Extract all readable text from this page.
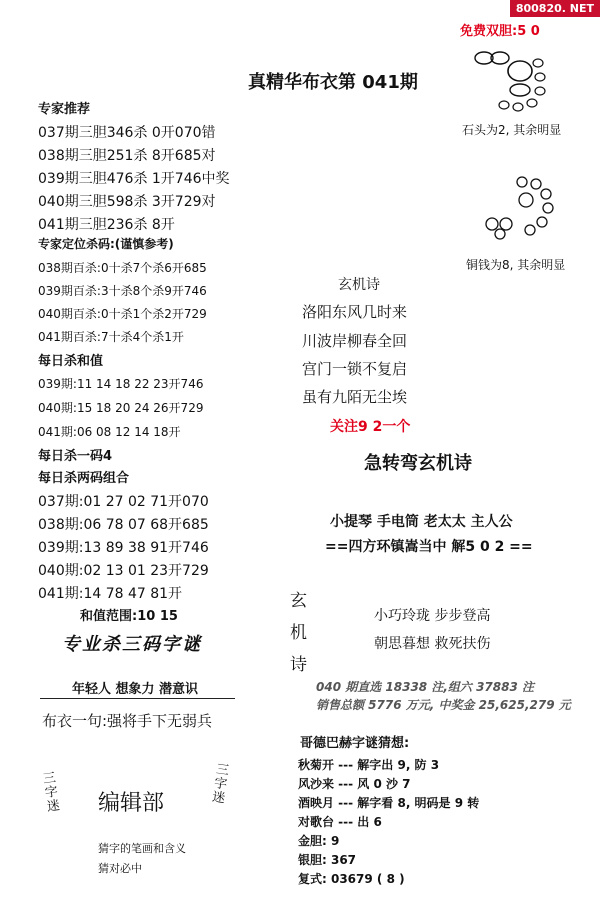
800820. NET
免费双胆:5 0
真精华布衣第 041期
专家推荐
037期三胆346杀 0开070错
038期三胆251杀 8开685对
039期三胆476杀 1开746中奖
040期三胆598杀 3开729对
041期三胆236杀 8开
专家定位杀码:(谨慎参考)
038期百杀:0十杀7个杀6开685
039期百杀:3十杀8个杀9开746
040期百杀:0十杀1个杀2开729
041期百杀:7十杀4个杀1开
每日杀和值
039期:11 14 18 22 23开746
040期:15 18 20 24 26开729
041期:06 08 12 14 18开
每日杀一码4
每日杀两码组合
037期:01 27 02 71开070
038期:06 78 07 68开685
039期:13 89 38 91开746
040期:02 13 01 23开729
041期:14 78 47 81开
和值范围:10 15
专业杀三码字谜
年轻人 想象力 潜意识
布衣一句:强将手下无弱兵
三字迷 编辑部
三字迷
猜字的笔画和含义
猜对必中
石头为2, 其余明显
铜钱为8, 其余明显
玄机诗
洛阳东风几时来
川波岸柳春全回
宫门一锁不复启
虽有九陌无尘埃
关注9 2一个
急转弯玄机诗
小提琴 手电筒 老太太 主人公
==四方环镇嵩当中 解5 0 2 ==
玄机诗
小巧玲珑 步步登高
朝思暮想 救死扶伤
040 期直选 18338 注,组六 37883 注
销售总额 5776 万元, 中奖金 25,625,279 元
哥德巴赫字谜猜想:
秋菊开 --- 解字出 9, 防 3
风沙来 --- 风 0 沙 7
酒映月 --- 解字看 8, 明码是 9 转
对歌台 --- 出 6
金胆: 9
银胆: 367
复式: 03679 ( 8 )
